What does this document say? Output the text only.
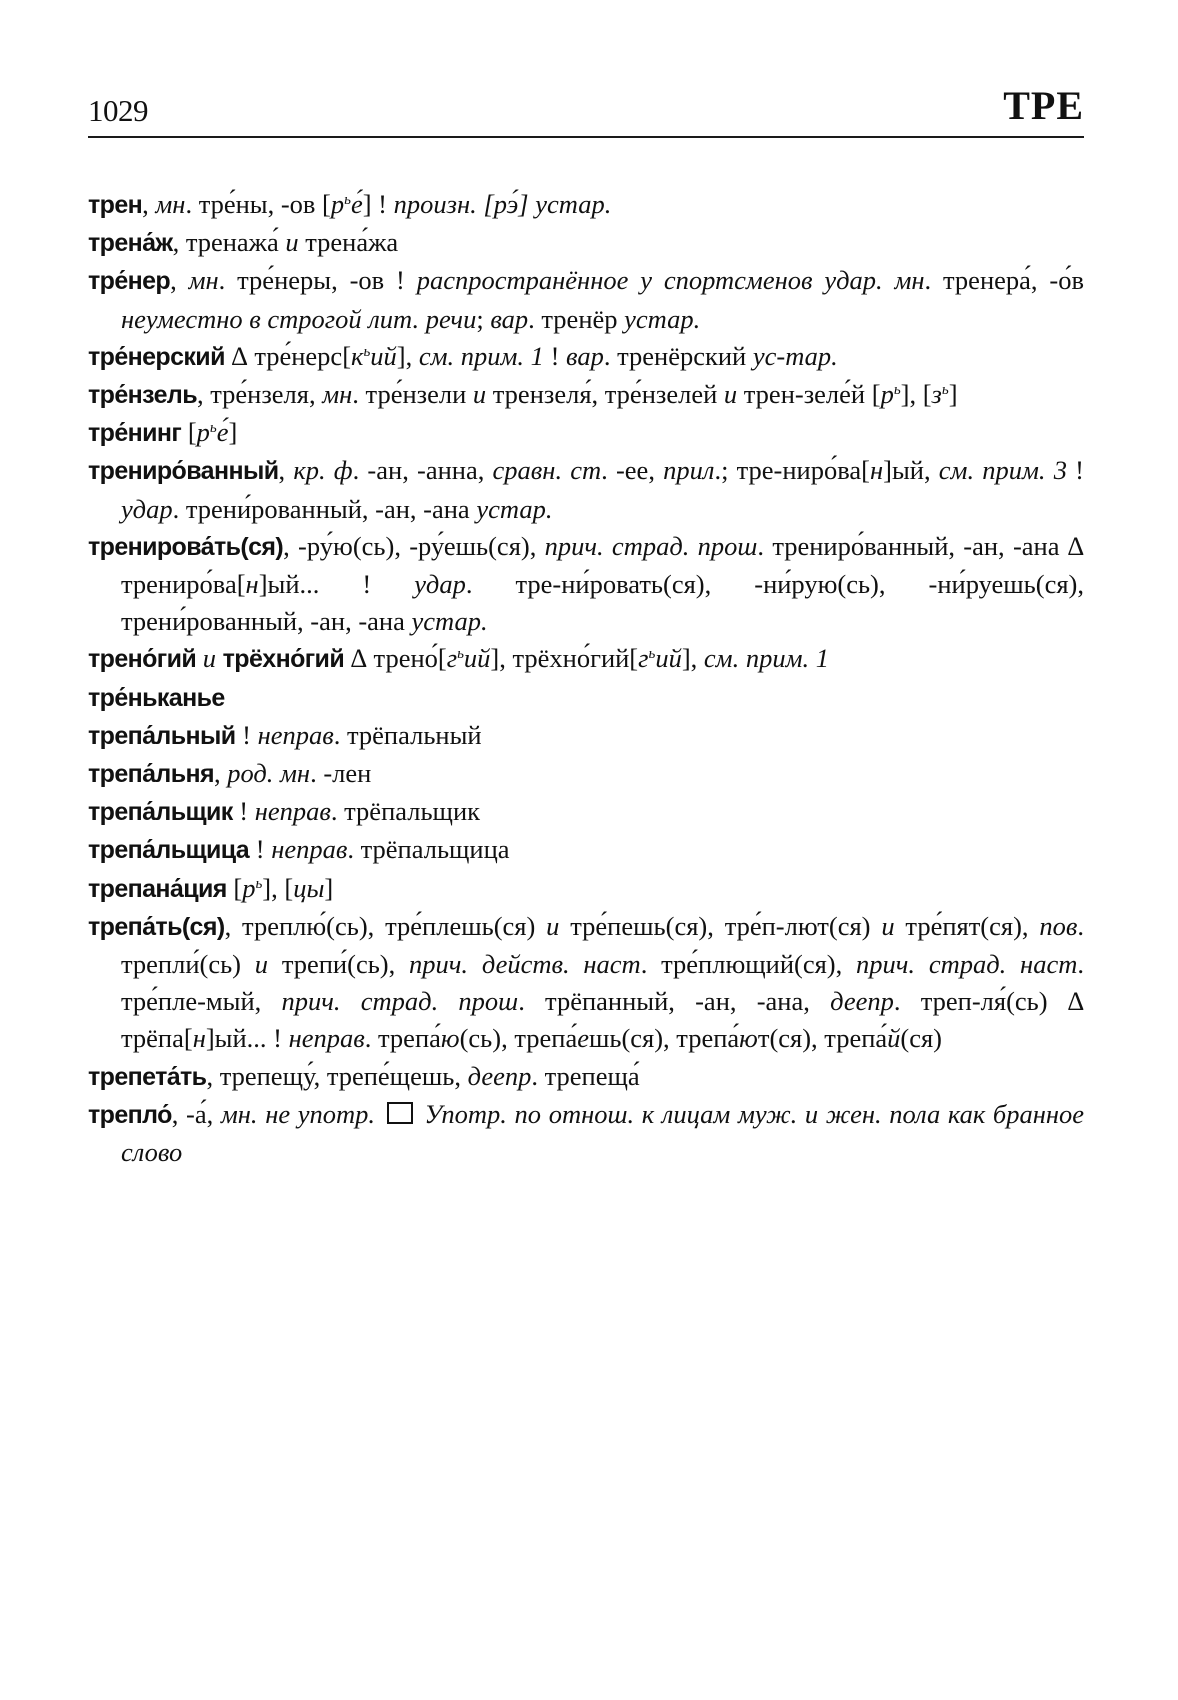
1029	ТРЕ
трен, мн. тре́ны, -ов $[р^ье́]$ ! произн. [рэ́] устар.
трена́ж, тренажа́ и трена́жа
тре́нер, мн. тре́неры, -ов ! распространённое у спортсменов удар. мн. тренера́, -о́в неуместно в строгой лит. речи; вар. тренёр устар.
тре́нерский ∆ $тре́нерс[к^ьий]$, см. прим. 1 ! вар. тренёрский ус-тар.
тре́нзель, тре́нзеля, мн. тре́нзели и трензеля́, тре́нзелей и трен-зеле́й $[р^ь]$, $[з^ь]$
тре́нинг $[р^ье́]$
трениро́ванный, кр. ф. -ан, -анна, сравн. ст. -ее, прил.; тре-ниро́ва[н]ый, см. прим. 3 ! удар. трени́рованный, -ан, -ана устар.
тренирова́ть(ся), -ру́ю(сь), -ру́ешь(ся), прич. страд. прош. трениро́ванный, -ан, -ана ∆ трениро́ва[н]ый... ! удар. тре-ни́ровать(ся), -ни́рую(сь), -ни́руешь(ся), трени́рованный, -ан, -ана устар.
трено́гий и трёхно́гий ∆ $трено́[г^ьий]$, $трёхно́гий[г^ьий]$, см. прим. 1
тре́ньканье
трепа́льный ! неправ. трёпальный
трепа́льня, род. мн. -лен
трепа́льщик ! неправ. трёпальщик
трепа́льщица ! неправ. трёпальщица
трепана́ция $[р^ь]$, [цы]
трепа́ть(ся), треплю́(сь), тре́плешь(ся) и тре́пешь(ся), тре́п-лют(ся) и тре́пят(ся), пов. трепли́(сь) и трепи́(сь), прич. действ. наст. тре́плющий(ся), прич. страд. наст. тре́пле-мый, прич. страд. прош. трёпанный, -ан, -ана, деепр. треп-ля́(сь) ∆ трёпа[н]ый... ! неправ. трепа́ю(сь), трепа́ешь(ся), трепа́ют(ся), трепа́й(ся)
трепета́ть, трепещу́, трепе́щешь, деепр. трепеща́
трепло́, -а́, мн. не употр. Употр. по отнош. к лицам муж. и жен. пола как бранное слово
